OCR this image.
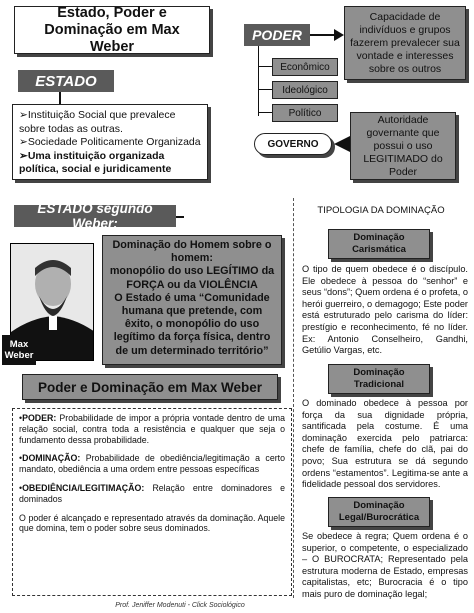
Estado, Poder e Dominação em Max Weber
PODER
Capacidade de indivíduos e grupos fazerem prevalecer sua vontade e interesses sobre os outros
Econômico
Ideológico
Político
ESTADO
➢Instituição Social que prevalece sobre todas as outras.
➢Sociedade Politicamente Organizada
➢Uma instituição organizada política, social e juridicamente
GOVERNO
Autoridade governante que possui o uso LEGITIMADO do Poder
ESTADO segundo Weber:
Max Weber
Dominação do Homem sobre o homem:
monopólio do uso LEGÍTIMO da FORÇA ou da VIOLÊNCIA
O Estado é uma “Comunidade humana que pretende, com êxito, o monopólio do uso legítimo da força física, dentro de um determinado território”
TIPOLOGIA DA DOMINAÇÃO
Dominação Carismática
O tipo de quem obedece é o discípulo. Ele obedece à pessoa do “senhor” e seus “dons”; Quem ordena é o profeta, o herói guerreiro, o demagogo; Este poder está estruturado pelo carisma do líder: prestígio e reconhecimento, fé no líder. Ex: Antonio Conselheiro, Gandhi, Getúlio Vargas, etc.
Dominação Tradicional
O dominado obedece à pessoa por força da sua dignidade própria, santificada pela costume. É uma dominação exercida pelo patriarca: chefe de família, chefe do clã, pai do povo; Sua estrutura se dá segundo ordens “estamentos”. Legitima-se ante a fidelidade pessoal dos servidores.
Dominação Legal/Burocrática
Se obedece à regra; Quem ordena é o superior, o competente, o especializado – O BUROCRATA; Representado pela estrutura moderna de Estado, empresas capitalistas, etc; Burocracia é o tipo mais puro de dominação legal;
Poder e Dominação em Max Weber
•PODER: Probabilidade de impor a própria vontade dentro de uma relação social, contra toda a resistência e qualquer que seja o fundamento dessa probabilidade.
•DOMINAÇÃO: Probabilidade de obediência/legitimação a certo mandato, obediência a uma ordem entre pessoas específicas
•OBEDIÊNCIA/LEGITIMAÇÃO: Relação entre dominadores e dominados
O poder é alcançado e representado através da dominação. Aquele que domina, tem o poder sobre seus dominados.
Prof. Jeniffer Modenuti - Click Sociológico
